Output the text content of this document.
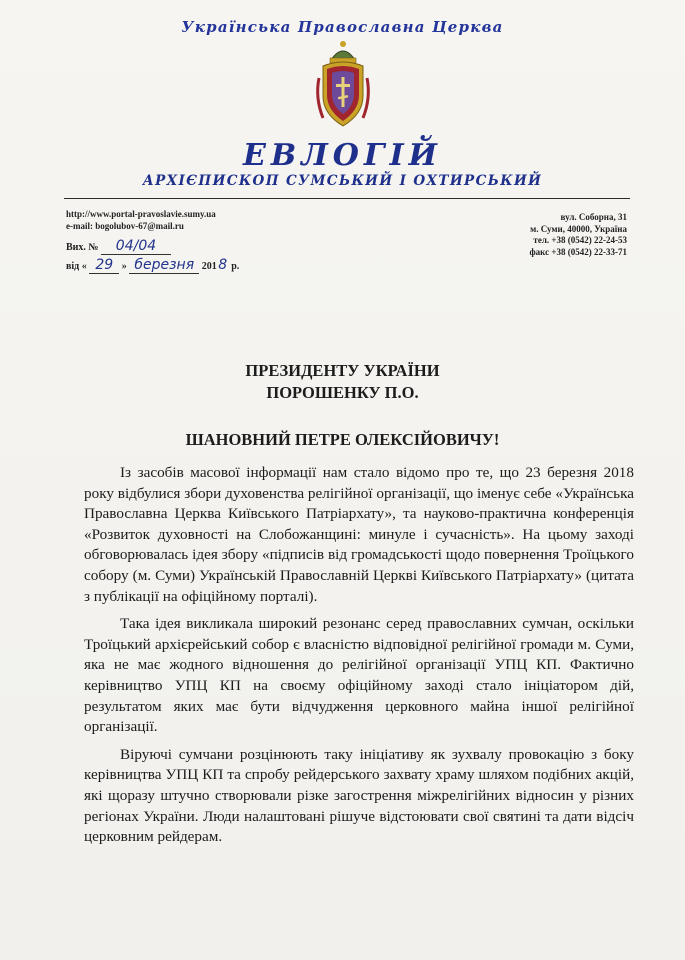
Українська Православна Церква
ЕВЛОГІЙ
АРХІЄПИСКОП СУМСЬКИЙ І ОХТИРСЬКИЙ
http://www.portal-pravoslavie.sumy.ua
e-mail: bogolubov-67@mail.ru
вул. Соборна, 31
м. Суми, 40000, Україна
тел. +38 (0542) 22-24-53
факс +38 (0542) 22-33-71
Вих. № 04/04
від « 29 » березня 201 8 р.
ПРЕЗИДЕНТУ УКРАЇНИ
ПОРОШЕНКУ П.О.
ШАНОВНИЙ ПЕТРЕ ОЛЕКСІЙОВИЧУ!

Із засобів масової інформації нам стало відомо про те, що 23 березня 2018 року відбулися збори духовенства релігійної організації, що іменує себе «Українська Православна Церква Київського Патріархату», та науково-практична конференція «Розвиток духовності на Слобожанщині: минуле і сучасність». На цьому заході обговорювалась ідея збору «підписів від громадськості щодо повернення Троїцького собору (м. Суми) Українській Православній Церкві Київського Патріархату» (цитата з публікації на офіційному порталі).

Така ідея викликала широкий резонанс серед православних сумчан, оскільки Троїцький архієрейський собор є власністю відповідної релігійної громади м. Суми, яка не має жодного відношення до релігійної організації УПЦ КП. Фактично керівництво УПЦ КП на своєму офіційному заході стало ініціатором дій, результатом яких має бути відчудження церковного майна іншої релігійної організації.

Віруючі сумчани розцінюють таку ініціативу як зухвалу провокацію з боку керівництва УПЦ КП та спробу рейдерського захвату храму шляхом подібних акцій, які щоразу штучно створювали різке загострення міжрелігійних відносин у різних регіонах України. Люди налаштовані рішуче відстоювати свої святині та дати відсіч церковним рейдерам.
